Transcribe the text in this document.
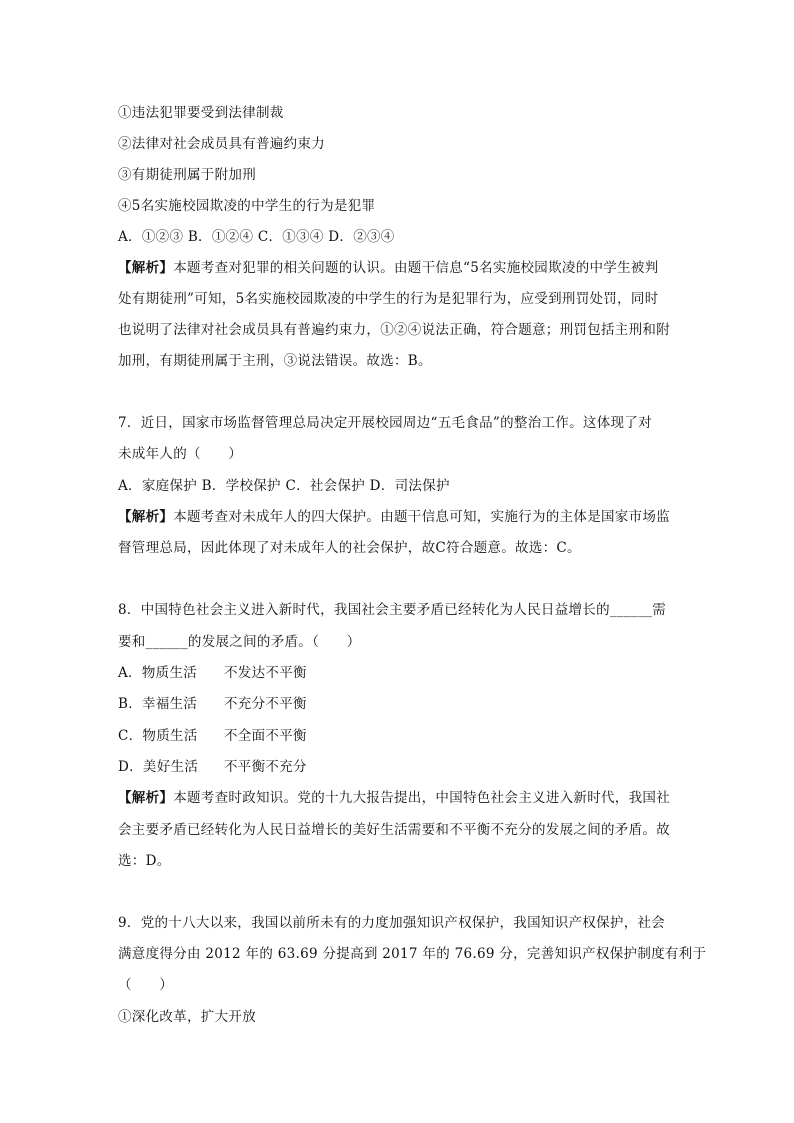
①违法犯罪要受到法律制裁
②法律对社会成员具有普遍约束力
③有期徒刑属于附加刑
④5名实施校园欺凌的中学生的行为是犯罪
A．①②③ B．①②④ C．①③④ D．②③④
【解析】本题考查对犯罪的相关问题的认识。由题干信息“5名实施校园欺凌的中学生被判
处有期徒刑”可知，5名实施校园欺凌的中学生的行为是犯罪行为，应受到刑罚处罚，同时
也说明了法律对社会成员具有普遍约束力，①②④说法正确，符合题意；刑罚包括主刑和附
加刑，有期徒刑属于主刑，③说法错误。故选：B。
7．近日，国家市场监督管理总局决定开展校园周边“五毛食品”的整治工作。这体现了对
未成年人的（　　）
A．家庭保护 B．学校保护 C．社会保护 D．司法保护
【解析】本题考查对未成年人的四大保护。由题干信息可知，实施行为的主体是国家市场监
督管理总局，因此体现了对未成年人的社会保护，故C符合题意。故选：C。
8．中国特色社会主义进入新时代，我国社会主要矛盾已经转化为人民日益增长的______需
要和______的发展之间的矛盾。（　　）
A．物质生活 不发达不平衡
B．幸福生活 不充分不平衡
C．物质生活 不全面不平衡
D．美好生活 不平衡不充分
【解析】本题考查时政知识。党的十九大报告提出，中国特色社会主义进入新时代，我国社
会主要矛盾已经转化为人民日益增长的美好生活需要和不平衡不充分的发展之间的矛盾。故
选：D。
9．党的十八大以来，我国以前所未有的力度加强知识产权保护，我国知识产权保护，社会
满意度得分由 2012 年的 63.69 分提高到 2017 年的 76.69 分，完善知识产权保护制度有利于
（　　）
①深化改革，扩大开放
